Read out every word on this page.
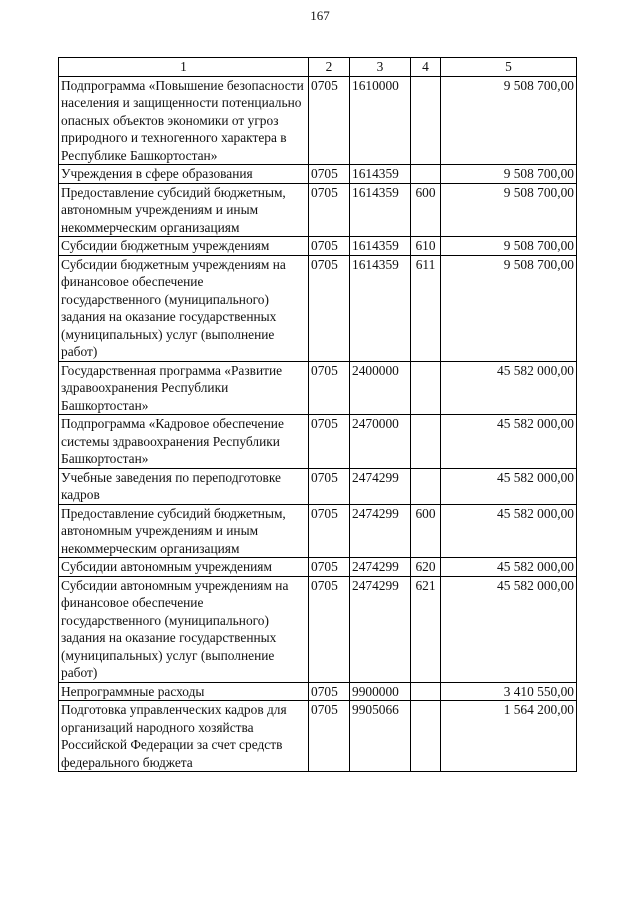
167
1	2	3	4	5
Подпрограмма «Повышение безопасности населения и защищенности потенциально опасных объектов экономики от угроз природного и техногенного характера в Республике Башкортостан»	0705	1610000		9 508 700,00
Учреждения в сфере образования	0705	1614359		9 508 700,00
Предоставление субсидий бюджетным, автономным учреждениям и иным некоммерческим организациям	0705	1614359	600	9 508 700,00
Субсидии бюджетным учреждениям	0705	1614359	610	9 508 700,00
Субсидии бюджетным учреждениям на финансовое обеспечение государственного (муниципального) задания на оказание государственных (муниципальных) услуг (выполнение работ)	0705	1614359	611	9 508 700,00
Государственная программа «Развитие здравоохранения Республики Башкортостан»	0705	2400000		45 582 000,00
Подпрограмма «Кадровое обеспечение системы здравоохранения Республики Башкортостан»	0705	2470000		45 582 000,00
Учебные заведения по переподготовке кадров	0705	2474299		45 582 000,00
Предоставление субсидий бюджетным, автономным учреждениям и иным некоммерческим организациям	0705	2474299	600	45 582 000,00
Субсидии автономным учреждениям	0705	2474299	620	45 582 000,00
Субсидии автономным учреждениям на финансовое обеспечение государственного (муниципального) задания на оказание государственных (муниципальных) услуг (выполнение работ)	0705	2474299	621	45 582 000,00
Непрограммные расходы	0705	9900000		3 410 550,00
Подготовка управленческих кадров для организаций народного хозяйства Российской Федерации за счет средств федерального бюджета	0705	9905066		1 564 200,00
